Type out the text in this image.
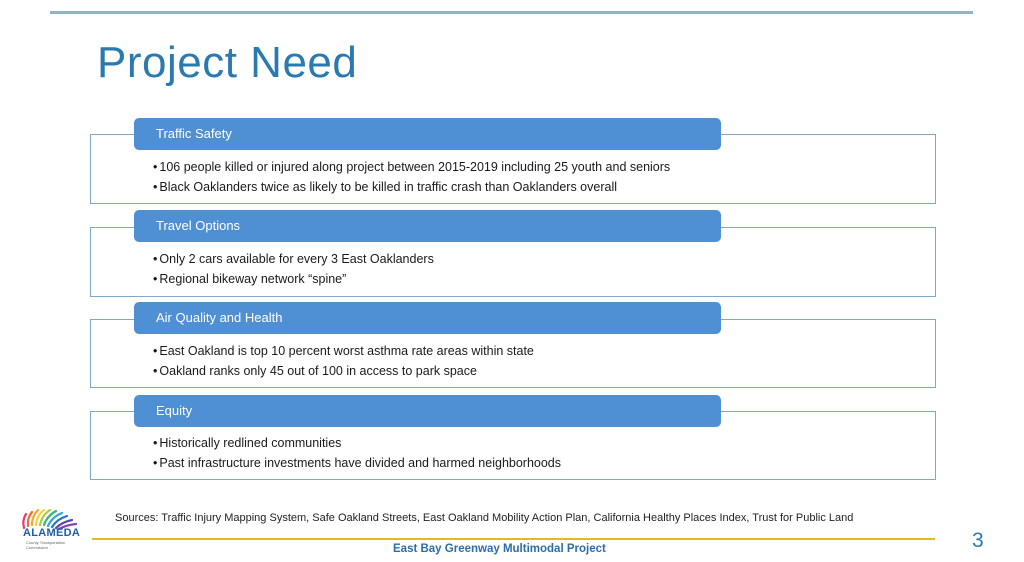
Project Need
Traffic Safety
• 106 people killed or injured along project between 2015-2019 including 25 youth and seniors
• Black Oaklanders twice as likely to be killed in traffic crash than Oaklanders overall
Travel Options
• Only 2 cars available for every 3 East Oaklanders
• Regional bikeway network “spine”
Air Quality and Health
• East Oakland is top 10 percent worst asthma rate areas within state
• Oakland ranks only 45 out of 100 in access to park space
Equity
• Historically redlined communities
• Past infrastructure investments have divided and harmed neighborhoods
Sources: Traffic Injury Mapping System, Safe Oakland Streets, East Oakland Mobility Action Plan, California Healthy Places Index, Trust for Public Land
ALAMEDA
County Transportation Commission	East Bay Greenway Multimodal Project	3
